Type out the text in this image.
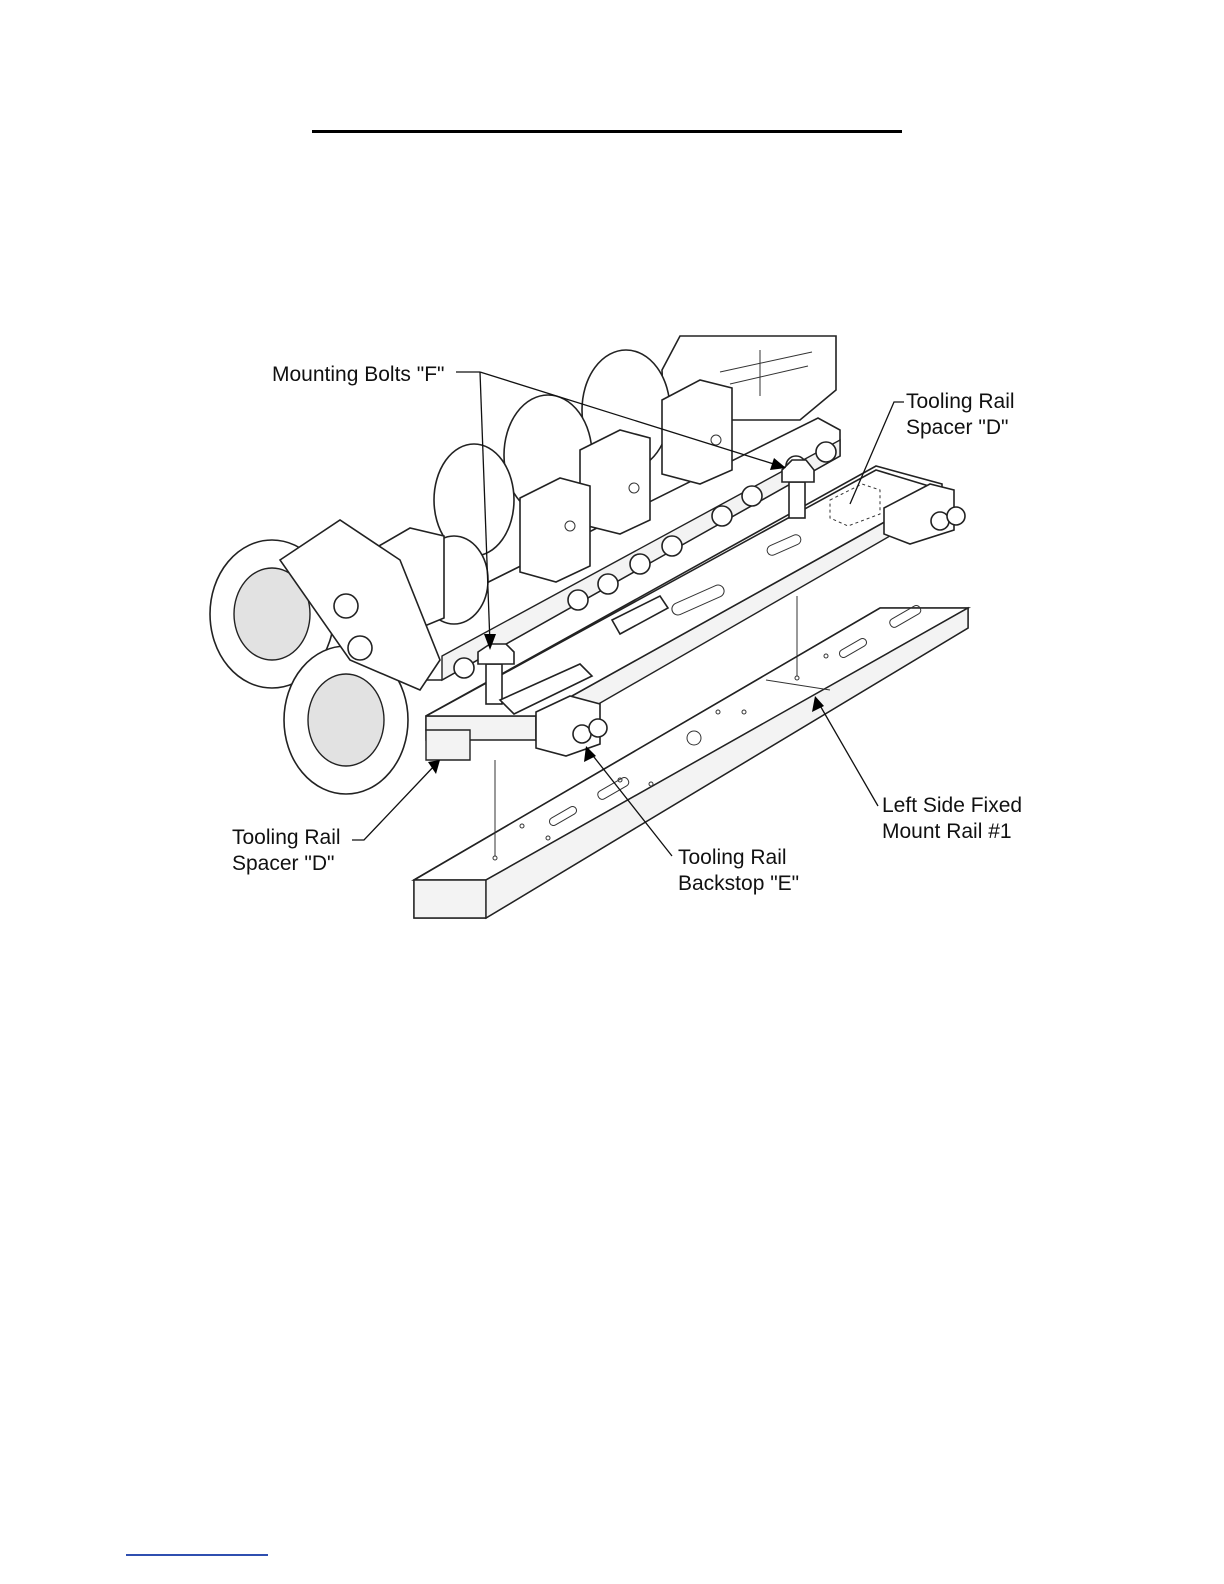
Mounting Bolts "F"
Tooling Rail
Spacer "D"
Tooling Rail
Spacer "D"	Tooling Rail
Backstop "E"
Left Side Fixed
Mount Rail #1
